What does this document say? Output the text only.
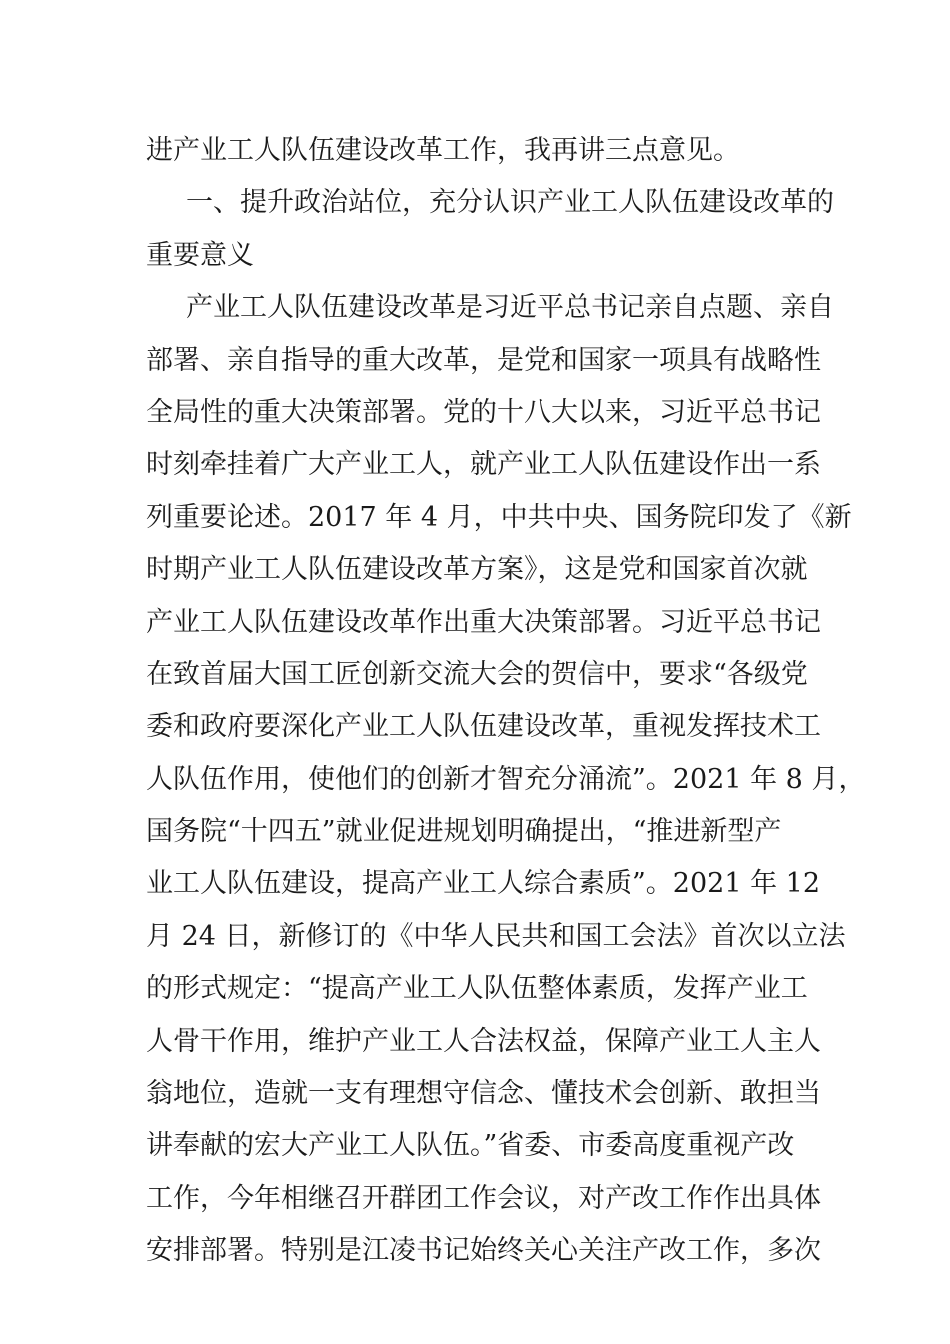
进产业工人队伍建设改革工作，我再讲三点意见。
一、提升政治站位，充分认识产业工人队伍建设改革的
重要意义
产业工人队伍建设改革是习近平总书记亲自点题、亲自
部署、亲自指导的重大改革，是党和国家一项具有战略性
全局性的重大决策部署。党的十八大以来，习近平总书记
时刻牵挂着广大产业工人，就产业工人队伍建设作出一系
列重要论述。2017 年 4 月，中共中央、国务院印发了《新
时期产业工人队伍建设改革方案》，这是党和国家首次就
产业工人队伍建设改革作出重大决策部署。习近平总书记
在致首届大国工匠创新交流大会的贺信中，要求“各级党
委和政府要深化产业工人队伍建设改革，重视发挥技术工
人队伍作用，使他们的创新才智充分涌流”。2021 年 8 月，
国务院“十四五”就业促进规划明确提出，“推进新型产
业工人队伍建设，提高产业工人综合素质”。2021 年 12
月 24 日，新修订的《中华人民共和国工会法》首次以立法
的形式规定：“提高产业工人队伍整体素质，发挥产业工
人骨干作用，维护产业工人合法权益，保障产业工人主人
翁地位，造就一支有理想守信念、懂技术会创新、敢担当
讲奉献的宏大产业工人队伍。”省委、市委高度重视产改
工作，今年相继召开群团工作会议，对产改工作作出具体
安排部署。特别是江凌书记始终关心关注产改工作，多次
